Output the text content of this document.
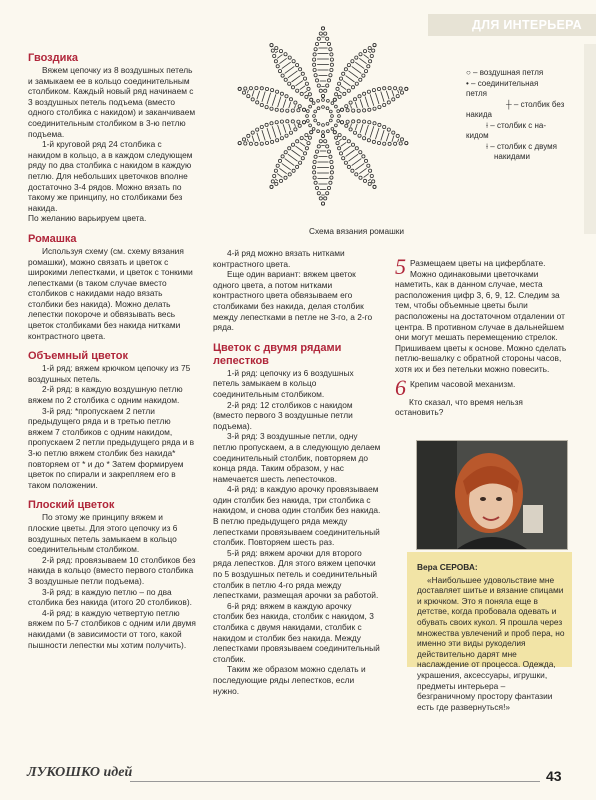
ДЛЯ ИНТЕРЬЕРА
Схема вязания ромашки
○ – воздушная петля
• – соединительная
петля
┼ – столбик без
накида
⟊ – столбик с на-
кидом
⟊ – столбик с двумя
накидами
Гвоздика

Вяжем цепочку из 8 воздушных петель и замыкаем ее в кольцо соединительным столбиком. Каждый новый ряд начинаем с 3 воздушных петель подъема (вместо одного столбика с накидом) и заканчиваем соединительным столбиком в 3-ю петлю подъема.

1-й круговой ряд 24 столбика с накидом в кольцо, а в каждом следующем ряду по два столбика с накидом в каждую петлю. Для небольших цветочков вполне достаточно 3-4 рядов. Можно вязать по такому же принципу, но столбиками без накида.

По желанию варьируем цвета.

Ромашка

Используя схему (см. схему вязания ромашки), можно связать и цветок с широкими лепестками, и цветок с тонкими лепестками (в таком случае вместо столбиков с накидами надо вязать столбики без накида). Можно делать лепестки покороче и обвязывать весь цветок столбиками без накида нитками контрастного цвета.

Объемный цветок

1-й ряд: вяжем крючком цепочку из 75 воздушных петель.

2-й ряд: в каждую воздушную петлю вяжем по 2 столбика с одним накидом.

3-й ряд: *пропускаем 2 петли предыдущего ряда и в третью петлю вяжем 7 столбиков с одним накидом, пропускаем 2 петли предыдущего ряда и в 3-ю петлю вяжем столбик без накида* повторяем от * и до * Затем формируем цветок по спирали и закрепляем его в таком положении.

Плоский цветок

По этому же принципу вяжем и плоские цветы. Для этого цепочку из 6 воздушных петель замыкаем в кольцо соединительным столбиком.

2-й ряд: провязываем 10 столбиков без накида в кольцо (вместо первого столбика 3 воздушные петли подъема).

3-й ряд: в каждую петлю – по два столбика без накида (итого 20 столбиков).

4-й ряд: в каждую четвертую петлю вяжем по 5-7 столбиков с одним или двумя накидами (в зависимости от того, какой пышности лепестки мы хотим получить).

4-й ряд можно вязать нитками контрастного цвета.

Еще один вариант: вяжем цветок одного цвета, а потом нитками контрастного цвета обвязываем его столбиками без накида, делая столбик между лепестками в петле не 3-го, а 2-го ряда.

Цветок с двумя рядами лепестков

1-й ряд: цепочку из 6 воздушных петель замыкаем в кольцо соединительным столбиком.

2-й ряд: 12 столбиков с накидом (вместо первого 3 воздушные петли подъема).

3-й ряд: 3 воздушные петли, одну петлю пропускаем, а в следующую делаем соединительный столбик, повторяем до конца ряда. Таким образом, у нас намечается шесть лепесточков.

4-й ряд: в каждую арочку провязываем один столбик без накида, три столбика с накидом, и снова один столбик без накида. В петлю предыдущего ряда между лепестками провязываем соединительный столбик. Повторяем шесть раз.

5-й ряд: вяжем арочки для второго ряда лепестков. Для этого вяжем цепочки по 5 воздушных петель и соединительный столбик в петлю 4-го ряда между лепестками, размещая арочки за работой.

6-й ряд: вяжем в каждую арочку столбик без накида, столбик с накидом, 3 столбика с двумя накидами, столбик с накидом и столбик без накида. Между лепестками провязываем соединительный столбик.

Таким же образом можно сделать и последующие ряды лепестков, если нужно.

5 Размещаем цветы на циферблате. Можно одинаковыми цветочками наметить, как в данном случае, места расположения цифр 3, 6, 9, 12. Следим за тем, чтобы объемные цветы были расположены на достаточном отдалении от центра. В противном случае в дальнейшем они могут мешать перемещению стрелок. Пришиваем цветы к основе. Можно сделать петлю-вешалку с обратной стороны часов, хотя их и без петельки можно повесить.
6 Крепим часовой механизм.

Кто сказал, что время нельзя остановить?

Вера СЕРОВА:
«Наибольшее удовольствие мне доставляет шитье и вязание спицами и крючком. Это я поняла еще в детстве, когда пробовала одевать и обувать своих кукол. Я прошла через множества увлечений и проб пера, но именно эти виды рукоделия действительно дарят мне наслаждение от процесса. Одежда, украшения, аксессуары, игрушки, предметы интерьера – безграничному простору фантазии есть где развернуться!»
ЛУКОШКО идей	43
